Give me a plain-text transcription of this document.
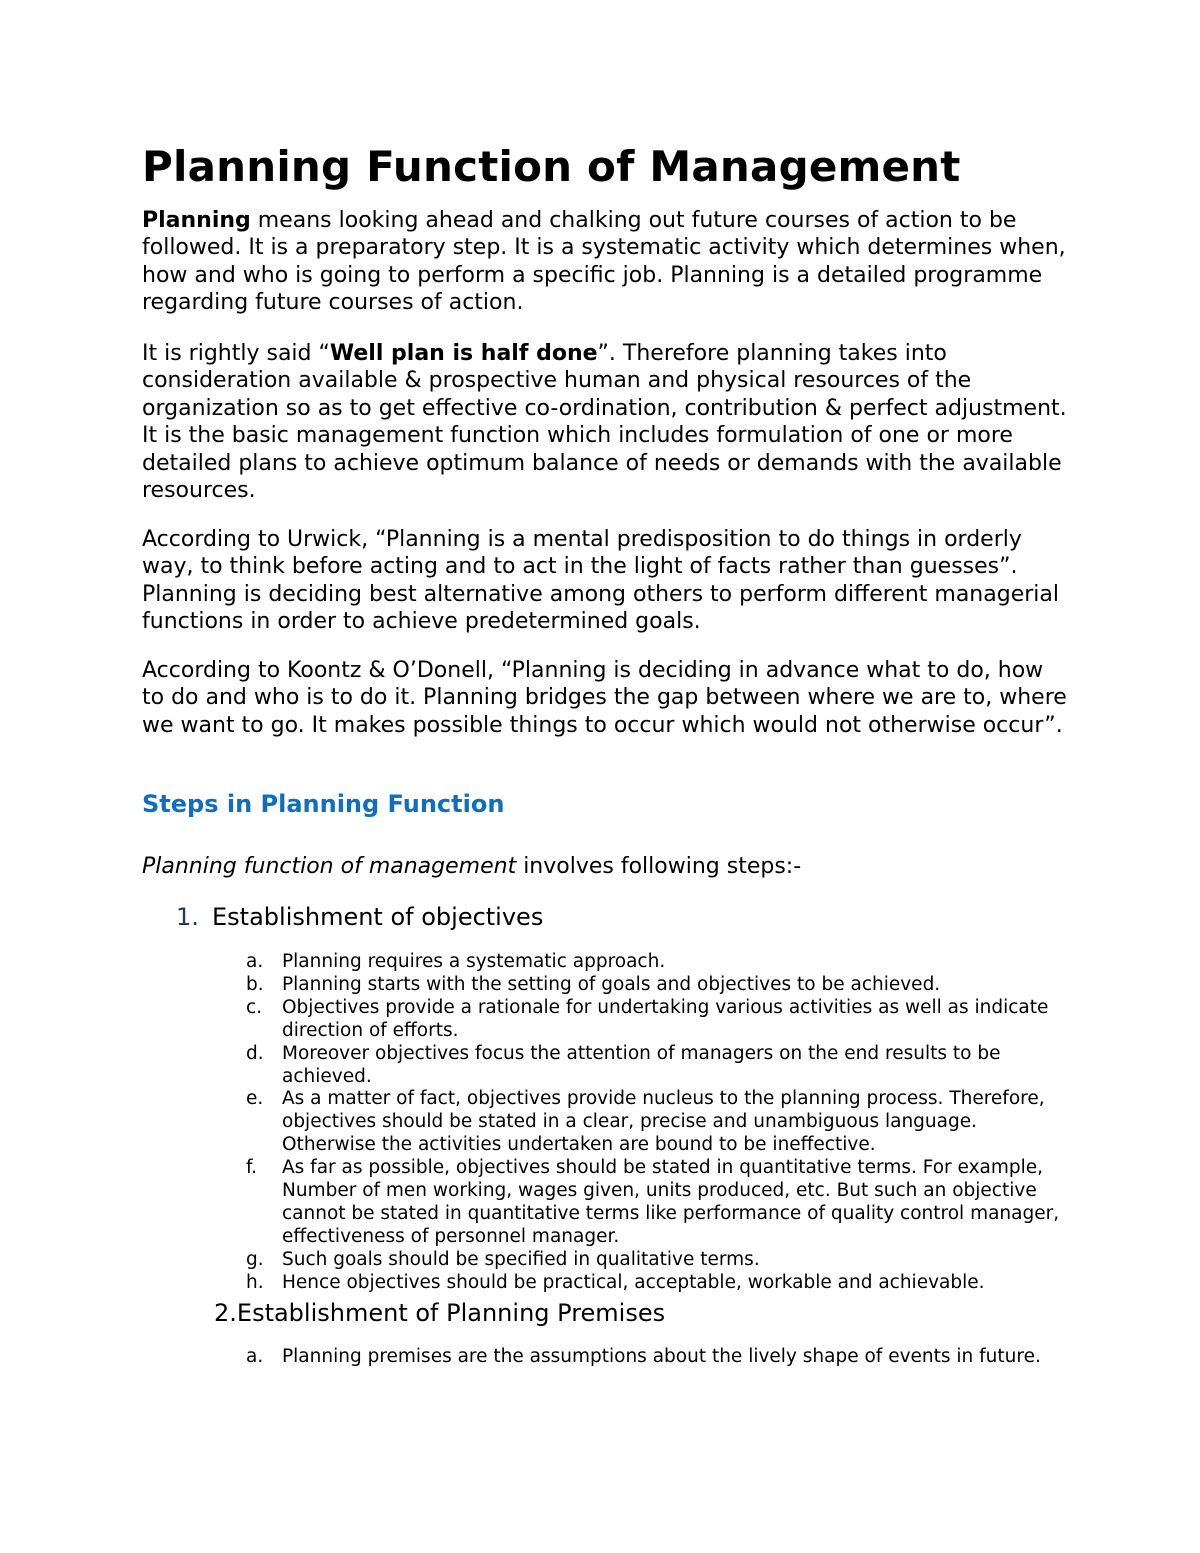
Planning Function of Management

Planning means looking ahead and chalking out future courses of action to be followed. It is a preparatory step. It is a systematic activity which determines when, how and who is going to perform a specific job. Planning is a detailed programme regarding future courses of action.

It is rightly said “Well plan is half done”. Therefore planning takes into consideration available & prospective human and physical resources of the organization so as to get effective co-ordination, contribution & perfect adjustment. It is the basic management function which includes formulation of one or more detailed plans to achieve optimum balance of needs or demands with the available resources.

According to Urwick, “Planning is a mental predisposition to do things in orderly way, to think before acting and to act in the light of facts rather than guesses”. Planning is deciding best alternative among others to perform different managerial functions in order to achieve predetermined goals.

According to Koontz & O’Donell, “Planning is deciding in advance what to do, how to do and who is to do it. Planning bridges the gap between where we are to, where we want to go. It makes possible things to occur which would not otherwise occur”.

Steps in Planning Function

Planning function of management involves following steps:-

1. Establishment of objectives

a. Planning requires a systematic approach.
b. Planning starts with the setting of goals and objectives to be achieved.
c. Objectives provide a rationale for undertaking various activities as well as indicate direction of efforts.
d. Moreover objectives focus the attention of managers on the end results to be achieved.
e. As a matter of fact, objectives provide nucleus to the planning process. Therefore, objectives should be stated in a clear, precise and unambiguous language. Otherwise the activities undertaken are bound to be ineffective.
f. As far as possible, objectives should be stated in quantitative terms. For example, Number of men working, wages given, units produced, etc. But such an objective cannot be stated in quantitative terms like performance of quality control manager, effectiveness of personnel manager.
g. Such goals should be specified in qualitative terms.
h. Hence objectives should be practical, acceptable, workable and achievable.

2.Establishment of Planning Premises

a. Planning premises are the assumptions about the lively shape of events in future.
